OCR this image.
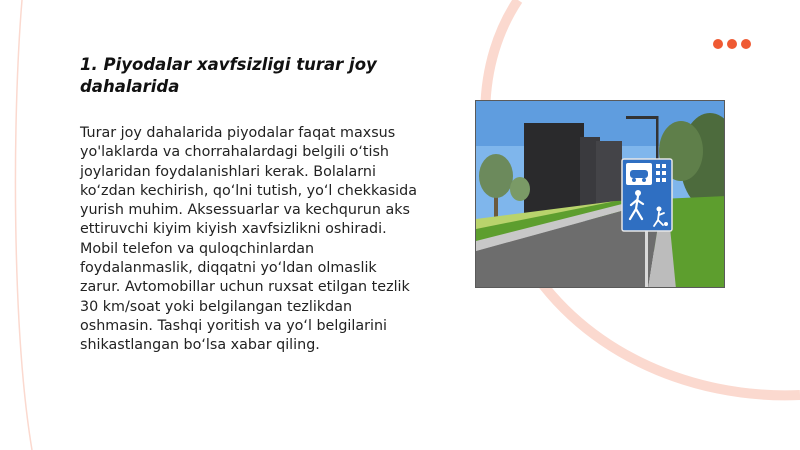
1. Piyodalar xavfsizligi turar joy dahalarida

Turar joy dahalarida piyodalar faqat maxsus yo'laklarda va chorrahalardagi belgili o‘tish joylaridan foydalanishlari kerak. Bolalarni ko‘zdan kechirish, qo‘lni tutish, yo‘l chekkasida yurish muhim. Aksessuarlar va kechqurun aks ettiruvchi kiyim kiyish xavfsizlikni oshiradi. Mobil telefon va quloqchinlardan foydalanmaslik, diqqatni yo‘ldan olmaslik zarur. Avtomobillar uchun ruxsat etilgan tezlik 30 km/soat yoki belgilangan tezlikdan oshmasin. Tashqi yoritish va yo‘l belgilarini shikastlangan bo‘lsa xabar qiling.
